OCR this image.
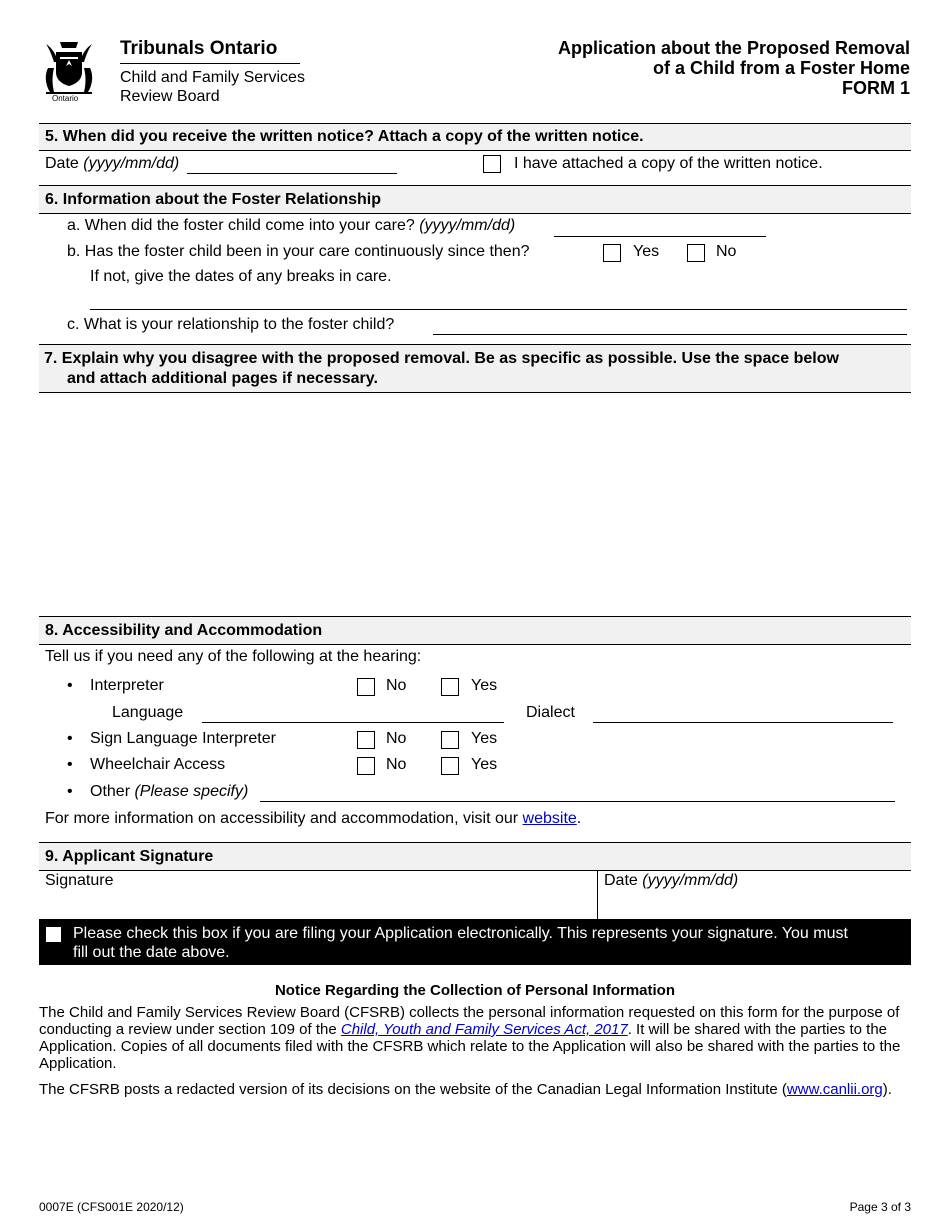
Ontario
Tribunals Ontario
Child and Family Services
Review Board
Application about the Proposed Removal
of a Child from a Foster Home
FORM 1
5. When did you receive the written notice? Attach a copy of the written notice.
Date (yyyy/mm/dd)	I have attached a copy of the written notice.
6. Information about the Foster Relationship
a. When did the foster child come into your care? (yyyy/mm/dd)
b. Has the foster child been in your care continuously since then?	Yes	No
If not, give the dates of any breaks in care.
c. What is your relationship to the foster child?
7. Explain why you disagree with the proposed removal. Be as specific as possible. Use the space below
and attach additional pages if necessary.
8. Accessibility and Accommodation
Tell us if you need any of the following at the hearing:
• Interpreter	No	Yes
Language	Dialect
• Sign Language Interpreter	No	Yes
• Wheelchair Access	No	Yes
• Other (Please specify)
For more information on accessibility and accommodation, visit our website.
9. Applicant Signature
Signature	Date (yyyy/mm/dd)
Please check this box if you are filing your Application electronically. This represents your signature. You must
fill out the date above.
Notice Regarding the Collection of Personal Information
The Child and Family Services Review Board (CFSRB) collects the personal information requested on this form for the purpose of conducting a review under section 109 of the Child, Youth and Family Services Act, 2017. It will be shared with the parties to the Application. Copies of all documents filed with the CFSRB which relate to the Application will also be shared with the parties to the Application.
The CFSRB posts a redacted version of its decisions on the website of the Canadian Legal Information Institute (www.canlii.org).
0007E (CFS001E 2020/12)	Page 3 of 3
